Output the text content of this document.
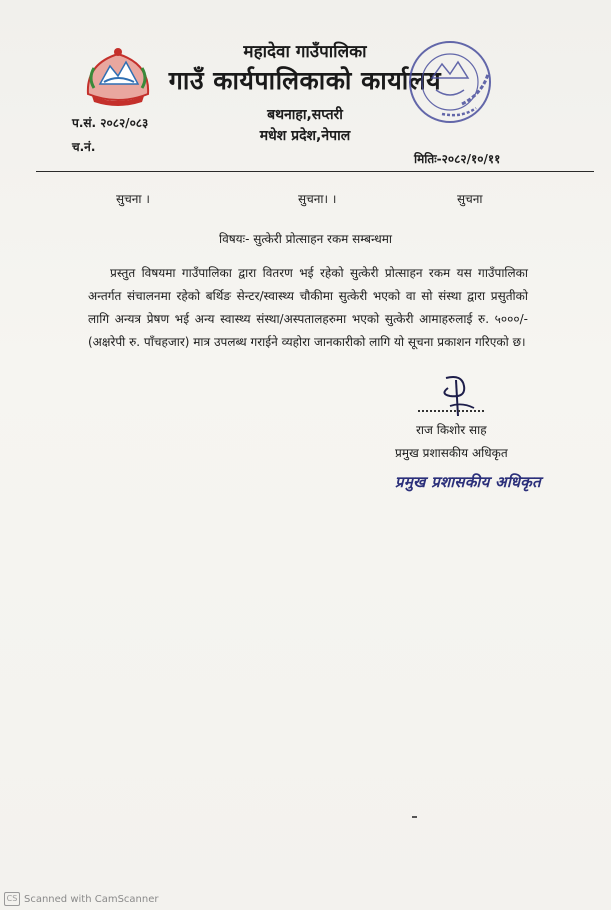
महादेवा गाउँपालिका
गाउँ कार्यपालिकाको कार्यालय
बथनाहा,सप्तरी
मधेश प्रदेश,नेपाल
प.सं. २०८२/०८३
च.नं.
मितिः-२०८२/१०/११
सुचना ।	सुचना। ।	सुचना
विषयः- सुत्केरी प्रोत्साहन रकम सम्बन्धमा
प्रस्तुत विषयमा गाउँपालिका द्वारा वितरण भई रहेको सुत्केरी प्रोत्साहन रकम यस गाउँपालिका अन्तर्गत संचालनमा रहेको बर्थिङ सेन्टर/स्वास्थ्य चौकीमा सुत्केरी भएको वा सो संस्था द्वारा प्रसुतीको लागि अन्यत्र प्रेषण भई अन्य स्वास्थ्य संस्था/अस्पतालहरुमा भएको सुत्केरी आमाहरुलाई रु. ५०००/- (अक्षरेपी रु. पाँचहजार) मात्र उपलब्ध गराईने व्यहोरा जानकारीको लागि यो सूचना प्रकाशन गरिएको छ।
राज किशोर साह
प्रमुख प्रशासकीय अधिकृत
प्रमुख प्रशासकीय अधिकृत
CS Scanned with CamScanner
